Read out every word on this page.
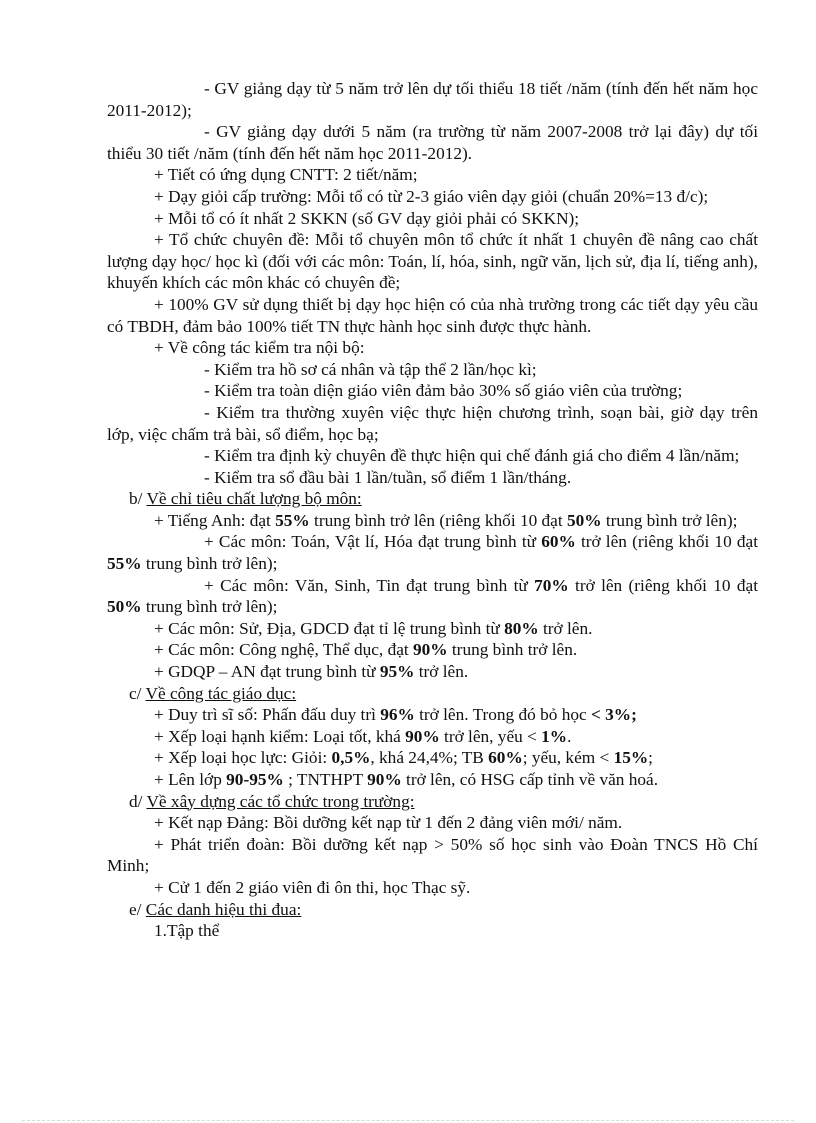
- GV giảng dạy từ 5 năm trở lên dự tối thiểu 18 tiết /năm (tính đến hết năm học 2011-2012);

- GV giảng dạy dưới 5 năm (ra trường từ năm 2007-2008 trở lại đây) dự tối thiểu 30 tiết /năm (tính đến hết năm học 2011-2012).

+ Tiết có ứng dụng CNTT: 2 tiết/năm;

+ Dạy giỏi cấp trường: Mỗi tổ có từ 2-3 giáo viên dạy giỏi (chuẩn 20%=13 đ/c);

+ Mỗi tổ có ít nhất 2 SKKN (số GV dạy giỏi phải có SKKN);

+ Tổ chức chuyên đề: Mỗi tổ chuyên môn tổ chức ít nhất 1 chuyên đề nâng cao chất lượng dạy học/ học kì (đối với các môn: Toán, lí, hóa, sinh, ngữ văn, lịch sử, địa lí, tiếng anh), khuyến khích các môn khác có chuyên đề;

+ 100% GV sử dụng thiết bị dạy học hiện có của nhà trường trong các tiết dạy yêu cầu có TBDH, đảm bảo 100% tiết TN thực hành học sinh được thực hành.

+ Về công tác kiểm tra nội bộ:

- Kiểm tra hồ sơ cá nhân và tập thể 2 lần/học kì;

- Kiểm tra toàn diện giáo viên đảm bảo 30% số giáo viên của trường;

- Kiểm tra thường xuyên việc thực hiện chương trình, soạn bài, giờ dạy trên lớp, việc chấm trả bài, sổ điểm, học bạ;

- Kiểm tra định kỳ chuyên đề thực hiện qui chế đánh giá cho điểm 4 lần/năm;

- Kiểm tra sổ đầu bài 1 lần/tuần, sổ điểm 1 lần/tháng.

b/ Về chỉ tiêu chất lượng bộ môn:

+ Tiếng Anh: đạt 55% trung bình trở lên (riêng khối 10 đạt 50% trung bình trở lên);

+ Các môn: Toán, Vật lí, Hóa đạt trung bình từ 60% trở lên (riêng khối 10 đạt 55% trung bình trở lên);

+ Các môn: Văn, Sinh, Tin đạt trung bình từ 70% trở lên (riêng khối 10 đạt 50% trung bình trở lên);

+ Các môn: Sử, Địa, GDCD đạt tỉ lệ trung bình từ 80% trở lên.

+ Các môn: Công nghệ, Thể dục, đạt 90% trung bình trở lên.

+ GDQP – AN đạt trung bình từ 95% trở lên.

c/ Về công tác giáo dục:

+ Duy trì sĩ số: Phấn đấu duy trì 96% trở lên. Trong đó bỏ học < 3%;

+ Xếp loại hạnh kiểm: Loại tốt, khá 90% trở lên, yếu < 1%.

+ Xếp loại học lực: Giỏi: 0,5%, khá 24,4%; TB 60%; yếu, kém < 15%;

+ Lên lớp 90-95% ; TNTHPT 90% trở lên, có HSG cấp tỉnh về văn hoá.

d/ Về xây dựng các tổ chức trong trường:

+ Kết nạp Đảng: Bồi dưỡng kết nạp từ 1 đến 2 đảng viên mới/ năm.

+ Phát triển đoàn: Bồi dưỡng kết nạp > 50% số học sinh vào Đoàn TNCS Hồ Chí Minh;

+ Cử 1 đến 2 giáo viên đi ôn thi, học Thạc sỹ.

e/ Các danh hiệu thi đua:

1.Tập thể
